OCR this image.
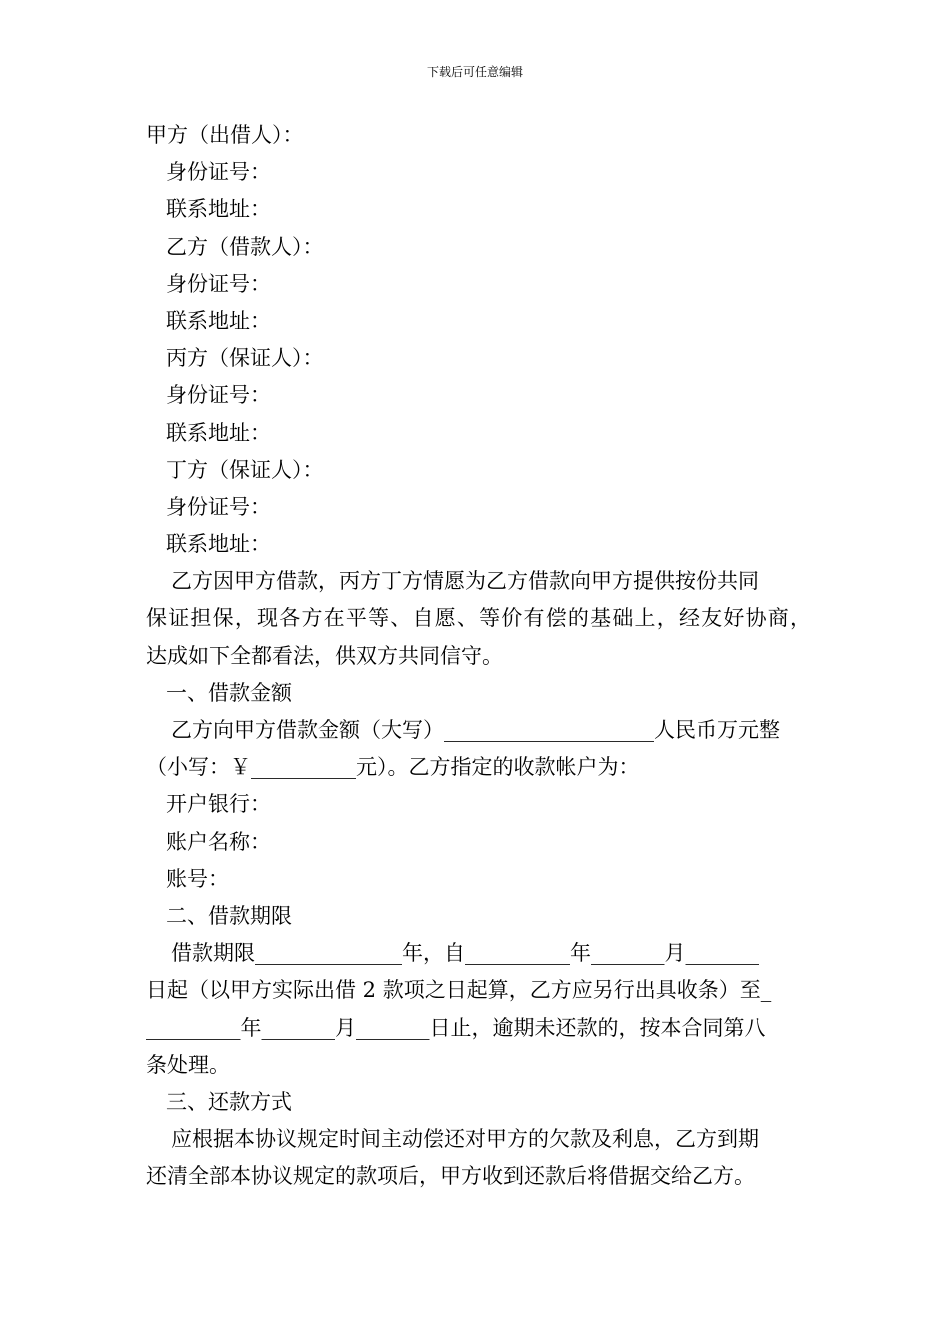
下载后可任意编辑
甲方（出借人）：
身份证号：
联系地址：
乙方（借款人）：
身份证号：
联系地址：
丙方（保证人）：
身份证号：
联系地址：
丁方（保证人）：
身份证号：
联系地址：
乙方因甲方借款，丙方丁方情愿为乙方借款向甲方提供按份共同
保证担保，现各方在平等、自愿、等价有偿的基础上，经友好协商，
达成如下全都看法，供双方共同信守。
一、借款金额
乙方向甲方借款金额（大写）____________________人民币万元整
（小写：￥__________元）。乙方指定的收款帐户为：
开户银行：
账户名称：
账号：
二、借款期限
借款期限______________年，自__________年_______月_______
日起（以甲方实际出借 2 款项之日起算，乙方应另行出具收条）至_
_________年_______月_______日止，逾期未还款的，按本合同第八
条处理。
三、还款方式
应根据本协议规定时间主动偿还对甲方的欠款及利息，乙方到期
还清全部本协议规定的款项后，甲方收到还款后将借据交给乙方。
